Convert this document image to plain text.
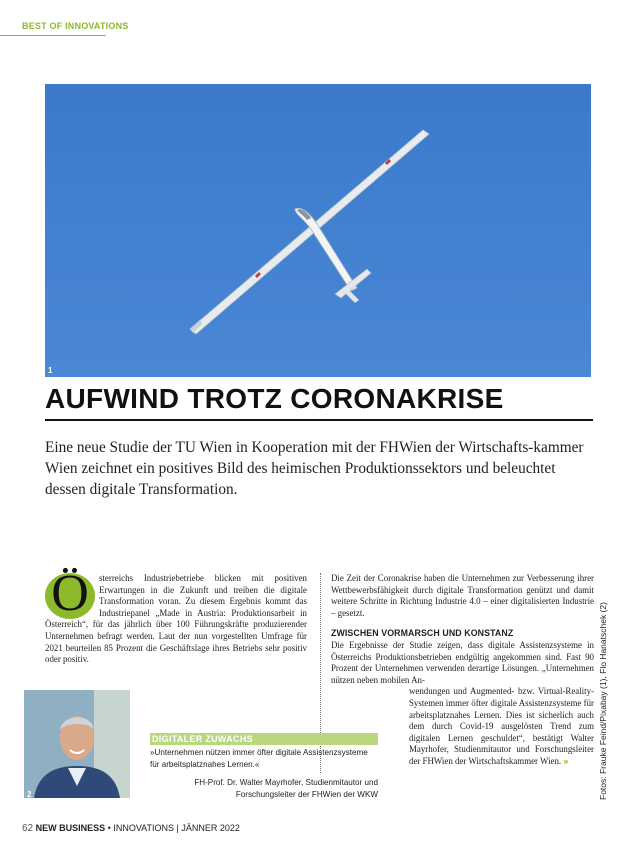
BEST OF INNOVATIONS
1
AUFWIND TROTZ CORONAKRISE
Eine neue Studie der TU Wien in Kooperation mit der FHWien der Wirtschafts-kammer Wien zeichnet ein positives Bild des heimischen Produktionssektors und beleuchtet dessen digitale Transformation.
Ö	sterreichs Industriebetriebe blicken mit positiven Erwartungen in die Zukunft und treiben die digitale Transformation voran. Zu diesem Ergebnis kommt das Industriepanel „Made in Austria: Produktionsarbeit in Österreich“, für das jährlich über 100 Führungskräfte produzierender Unternehmen befragt werden. Laut der nun vorgestellten Umfrage für 2021 beurteilen 85 Prozent die Geschäftslage ihres Betriebs sehr positiv oder positiv.
Die Zeit der Coronakrise haben die Unternehmen zur Verbesserung ihrer Wettbewerbsfähigkeit durch digitale Transformation genützt und damit weitere Schritte in Richtung Industrie 4.0 – einer digitalisierten Industrie – gesetzt.
ZWISCHEN VORMARSCH UND KONSTANZ
Die Ergebnisse der Studie zeigen, dass digitale Assistenzsysteme in Österreichs Produktionsbetrieben endgültig angekommen sind. Fast 90 Prozent der Unternehmen verwenden derartige Lösungen. „Unternehmen nützen neben mobilen An-
wendungen und Augmented- bzw. Virtual-Reality-Systemen immer öfter digitale Assistenzsysteme für arbeitsplatznahes Lernen. Dies ist sicherlich auch dem durch Covid-19 ausgelösten Trend zum digitalen Lernen geschuldet“, bestätigt Walter Mayrhofer, Studienmitautor und Forschungsleiter der FHWien der Wirtschaftskammer Wien. »
2
DIGITALER ZUWACHS
»Unternehmen nützen immer öfter digitale Assistenzsysteme für arbeitsplatznahes Lernen.«
FH-Prof. Dr. Walter Mayrhofer, Studienmitautor und Forschungsleiter der FHWien der WKW	Fotos: Frauke Feind/Pixabay (1), Flo Hanatschek (2)
62 NEW BUSINESS • INNOVATIONS | JÄNNER 2022
